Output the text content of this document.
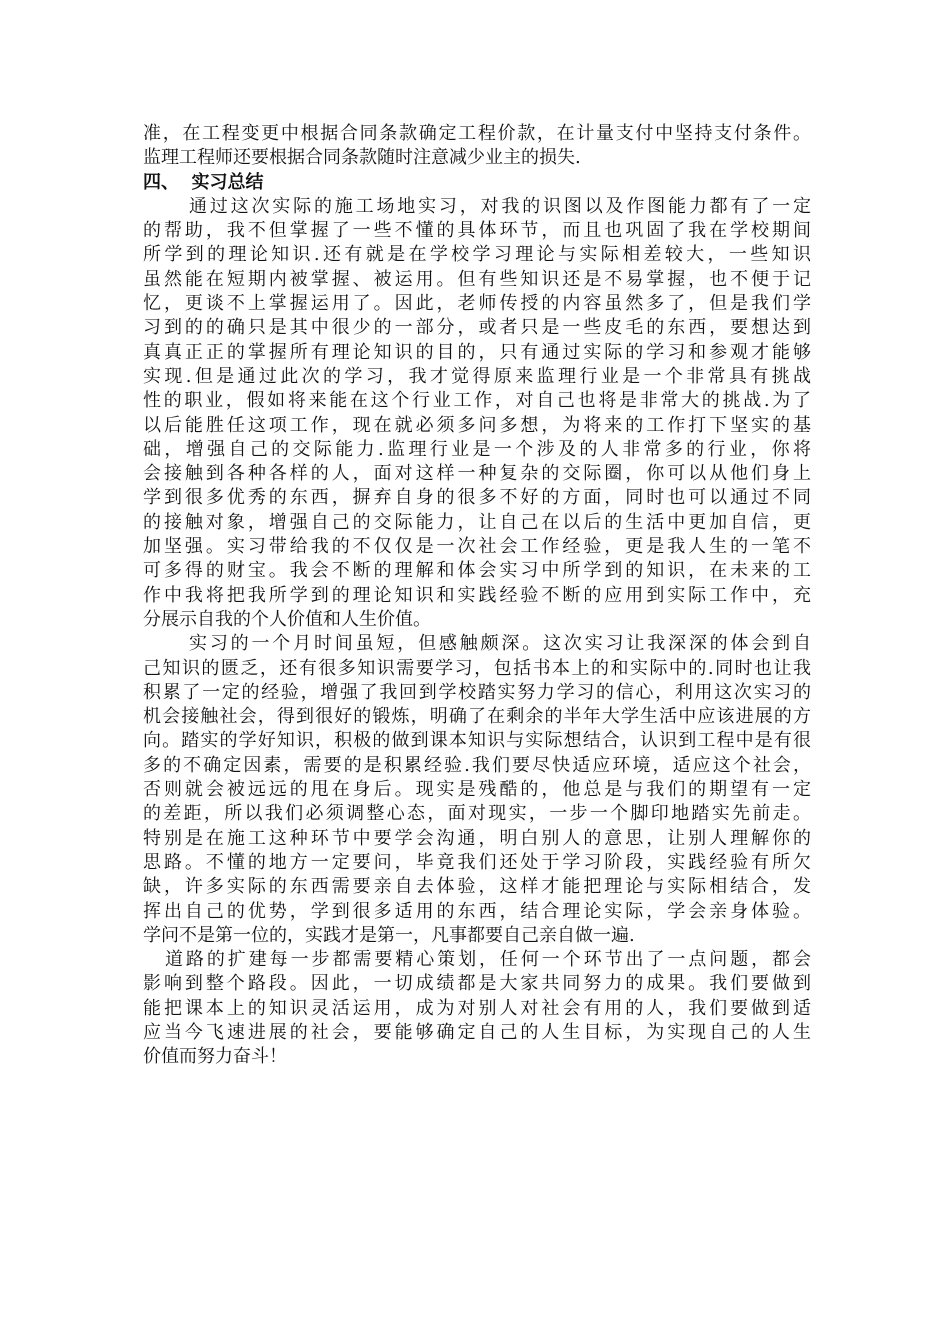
准，在工程变更中根据合同条款确定工程价款，在计量支付中坚持支付条件。
监理工程师还要根据合同条款随时注意减少业主的损失.
四、  实习总结
通过这次实际的施工场地实习，对我的识图以及作图能力都有了一定
的帮助，我不但掌握了一些不懂的具体环节，而且也巩固了我在学校期间
所学到的理论知识.还有就是在学校学习理论与实际相差较大，一些知识
虽然能在短期内被掌握、被运用。但有些知识还是不易掌握，也不便于记
忆，更谈不上掌握运用了。因此，老师传授的内容虽然多了，但是我们学
习到的的确只是其中很少的一部分，或者只是一些皮毛的东西，要想达到
真真正正的掌握所有理论知识的目的，只有通过实际的学习和参观才能够
实现.但是通过此次的学习，我才觉得原来监理行业是一个非常具有挑战
性的职业，假如将来能在这个行业工作，对自己也将是非常大的挑战.为了
以后能胜任这项工作，现在就必须多问多想，为将来的工作打下坚实的基
础，增强自己的交际能力.监理行业是一个涉及的人非常多的行业，你将
会接触到各种各样的人，面对这样一种复杂的交际圈，你可以从他们身上
学到很多优秀的东西，摒弃自身的很多不好的方面，同时也可以通过不同
的接触对象，增强自己的交际能力，让自己在以后的生活中更加自信，更
加坚强。实习带给我的不仅仅是一次社会工作经验，更是我人生的一笔不
可多得的财宝。我会不断的理解和体会实习中所学到的知识，在未来的工
作中我将把我所学到的理论知识和实践经验不断的应用到实际工作中，充
分展示自我的个人价值和人生价值。
实习的一个月时间虽短，但感触颇深。这次实习让我深深的体会到自
己知识的匮乏，还有很多知识需要学习，包括书本上的和实际中的.同时也让我
积累了一定的经验，增强了我回到学校踏实努力学习的信心，利用这次实习的
机会接触社会，得到很好的锻炼，明确了在剩余的半年大学生活中应该进展的方
向。踏实的学好知识，积极的做到课本知识与实际想结合，认识到工程中是有很
多的不确定因素，需要的是积累经验.我们要尽快适应环境，适应这个社会，
否则就会被远远的甩在身后。现实是残酷的，他总是与我们的期望有一定
的差距，所以我们必须调整心态，面对现实，一步一个脚印地踏实先前走。
特别是在施工这种环节中要学会沟通，明白别人的意思，让别人理解你的
思路。不懂的地方一定要问，毕竟我们还处于学习阶段，实践经验有所欠
缺，许多实际的东西需要亲自去体验，这样才能把理论与实际相结合，发
挥出自己的优势，学到很多适用的东西，结合理论实际，学会亲身体验。
学问不是第一位的，实践才是第一，凡事都要自己亲自做一遍.
道路的扩建每一步都需要精心策划，任何一个环节出了一点问题，都会
影响到整个路段。因此，一切成绩都是大家共同努力的成果。我们要做到
能把课本上的知识灵活运用，成为对别人对社会有用的人，我们要做到适
应当今飞速进展的社会，要能够确定自己的人生目标，为实现自己的人生
价值而努力奋斗！
